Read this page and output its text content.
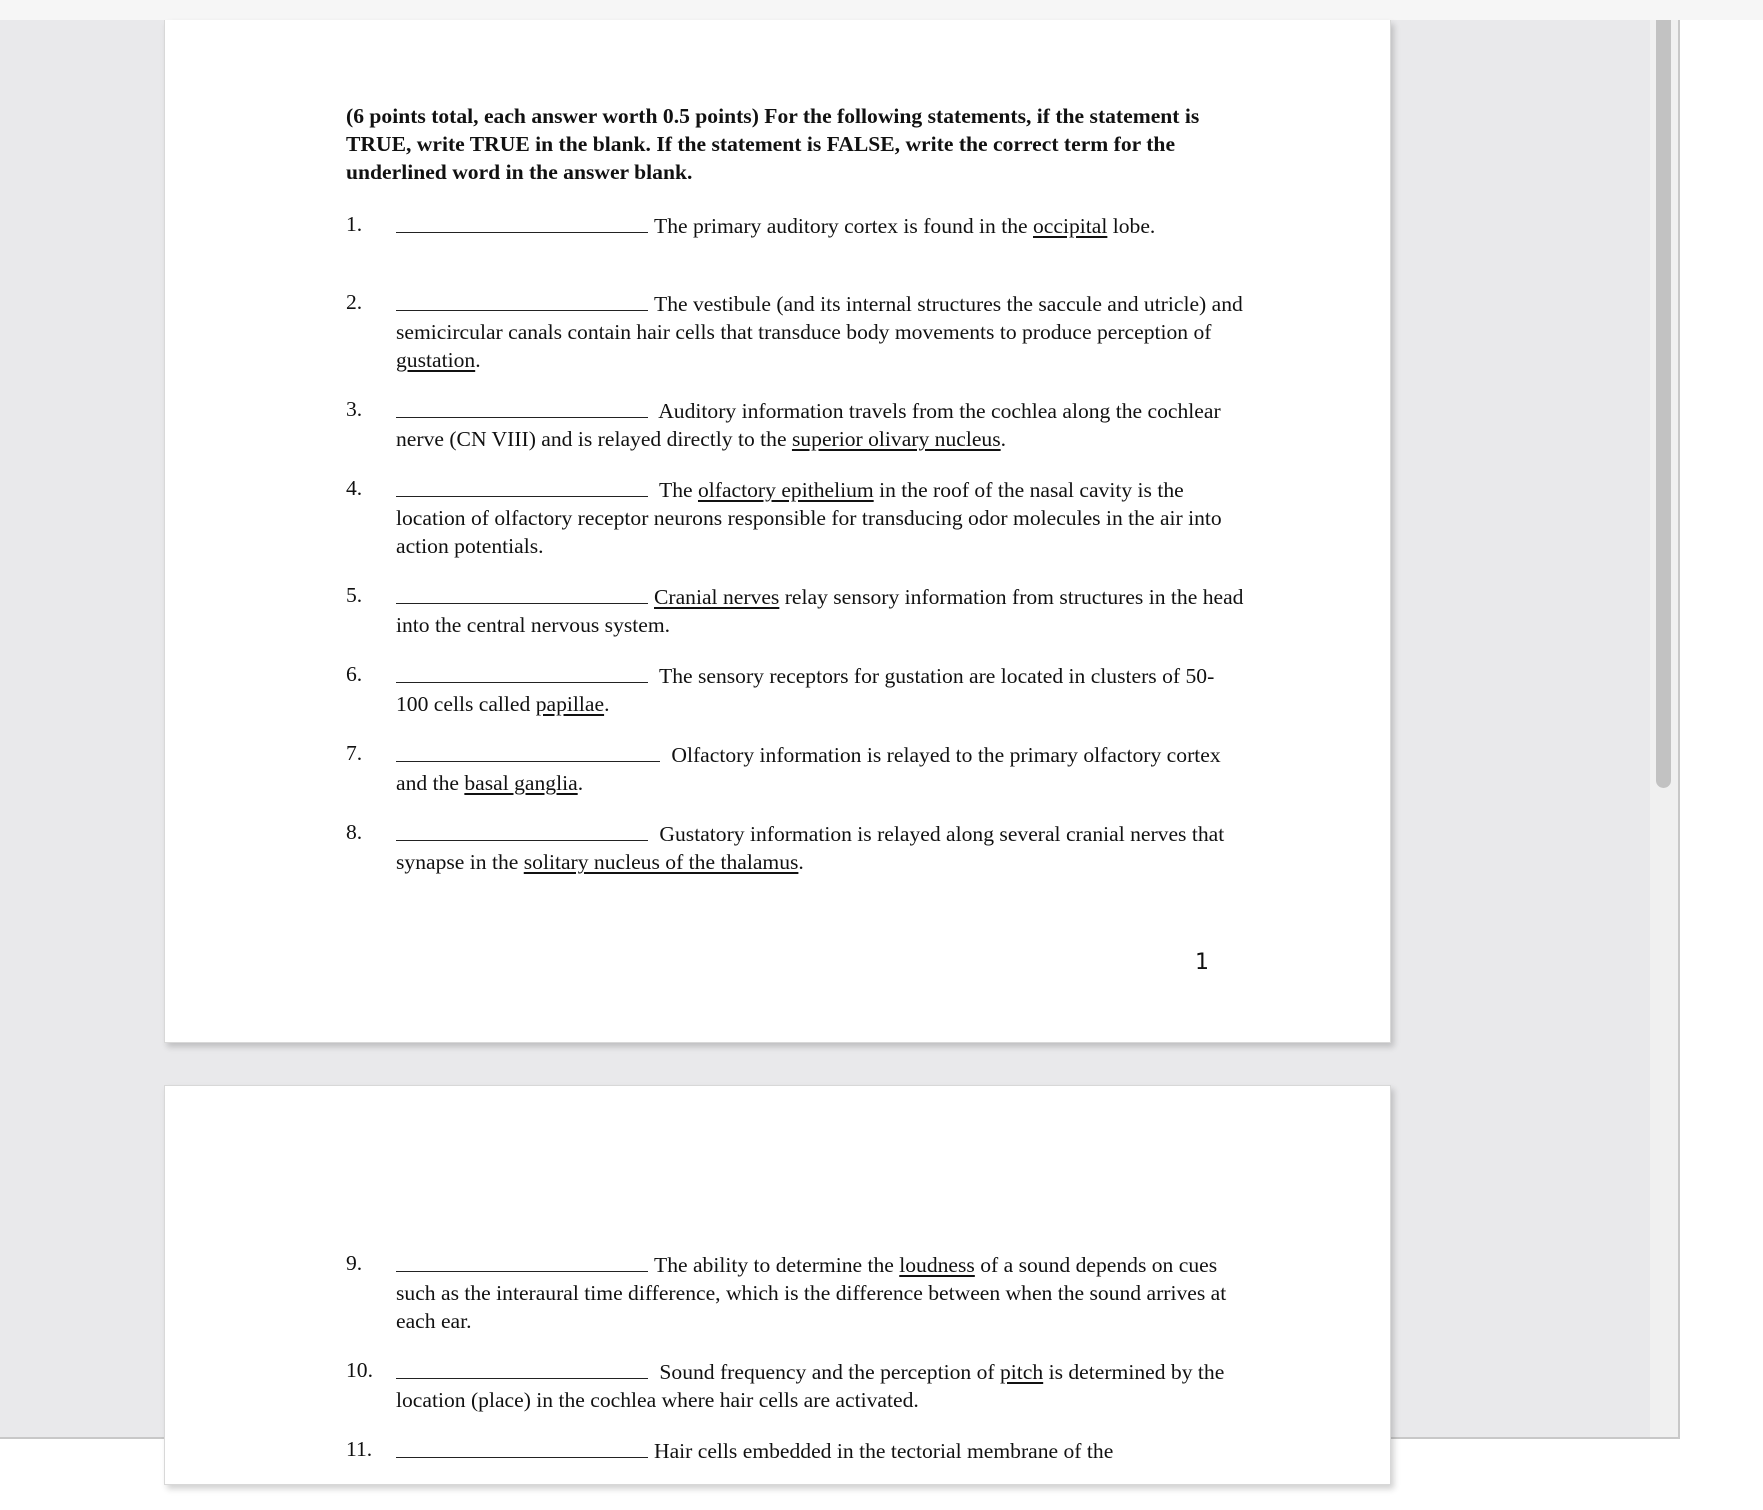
(6 points total, each answer worth 0.5 points) For the following statements, if the statement is TRUE, write TRUE in the blank. If the statement is FALSE, write the correct term for the underlined word in the answer blank.
1.	The primary auditory cortex is found in the occipital lobe.
2.	The vestibule (and its internal structures the saccule and utricle) and semicircular canals contain hair cells that transduce body movements to produce perception of gustation.
3.	Auditory information travels from the cochlea along the cochlear nerve (CN VIII) and is relayed directly to the superior olivary nucleus.
4.	The olfactory epithelium in the roof of the nasal cavity is the location of olfactory receptor neurons responsible for transducing odor molecules in the air into action potentials.
5.	Cranial nerves relay sensory information from structures in the head into the central nervous system.
6.	The sensory receptors for gustation are located in clusters of 50-100 cells called papillae.
7.	Olfactory information is relayed to the primary olfactory cortex and the basal ganglia.
8.	Gustatory information is relayed along several cranial nerves that synapse in the solitary nucleus of the thalamus.
1
9.	The ability to determine the loudness of a sound depends on cues such as the interaural time difference, which is the difference between when the sound arrives at each ear.
10.	Sound frequency and the perception of pitch is determined by the location (place) in the cochlea where hair cells are activated.
11.	Hair cells embedded in the tectorial membrane of the
